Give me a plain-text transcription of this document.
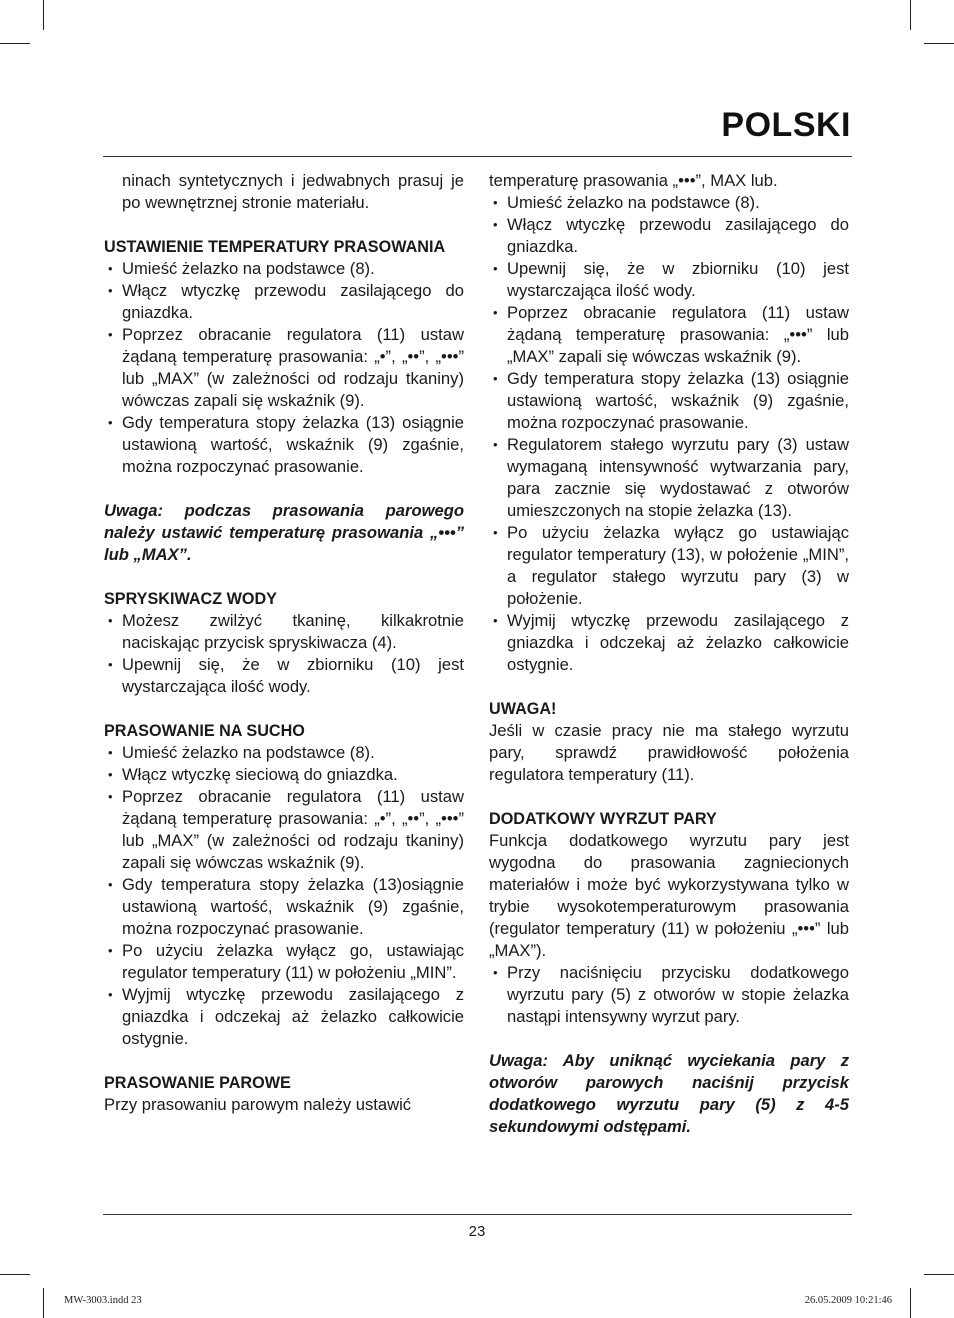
POLSKI

ninach syntetycznych i jedwabnych prasuj je po wewnętrznej stronie materiału.

USTAWIENIE TEMPERATURY PRASOWANIA
• Umieść żelazko na podstawce (8).
• Włącz wtyczkę przewodu zasilającego do gniazdka.
• Poprzez obracanie regulatora (11) ustaw żądaną temperaturę prasowania: „•”, „••”, „•••” lub „MAX” (w zależności od rodzaju tkaniny) wówczas zapali się wskaźnik (9).
• Gdy temperatura stopy żelazka (13) osiągnie ustawioną wartość, wskaźnik (9) zgaśnie, można rozpoczynać prasowanie.

Uwaga: podczas prasowania parowego należy ustawić temperaturę prasowania „•••” lub „MAX”.

SPRYSKIWACZ WODY
• Możesz zwilżyć tkaninę, kilkakrotnie naciskając przycisk spryskiwacza (4).
• Upewnij się, że w zbiorniku (10) jest wystarczająca ilość wody.
PRASOWANIE NA SUCHO
• Umieść żelazko na podstawce (8).
• Włącz wtyczkę sieciową do gniazdka.
• Poprzez obracanie regulatora (11) ustaw żądaną temperaturę prasowania: „•”, „••”, „•••” lub „MAX” (w zależności od rodzaju tkaniny) zapali się wówczas wskaźnik (9).
• Gdy temperatura stopy żelazka (13)osiągnie ustawioną wartość, wskaźnik (9) zgaśnie, można rozpoczynać prasowanie.
• Po użyciu żelazka wyłącz go, ustawiając regulator temperatury (11) w położeniu „MIN”.
• Wyjmij wtyczkę przewodu zasilającego z gniazdka i odczekaj aż żelazko całkowicie ostygnie.
PRASOWANIE PAROWE

Przy prasowaniu parowym należy ustawić

temperaturę prasowania „•••”, MAX lub.

• Umieść żelazko na podstawce (8).
• Włącz wtyczkę przewodu zasilającego do gniazdka.
• Upewnij się, że w zbiorniku (10) jest wystarczająca ilość wody.
• Poprzez obracanie regulatora (11) ustaw żądaną temperaturę prasowania: „•••” lub „MAX” zapali się wówczas wskaźnik (9).
• Gdy temperatura stopy żelazka (13) osiągnie ustawioną wartość, wskaźnik (9) zgaśnie, można rozpoczynać prasowanie.
• Regulatorem stałego wyrzutu pary (3) ustaw wymaganą intensywność wytwarzania pary, para zacznie się wydostawać z otworów umieszczonych na stopie żelazka (13).
• Po użyciu żelazka wyłącz go ustawiając regulator temperatury (13), w położenie „MIN”, a regulator stałego wyrzutu pary (3) w położenie.
• Wyjmij wtyczkę przewodu zasilającego z gniazdka i odczekaj aż żelazko całkowicie ostygnie.
UWAGA!

Jeśli w czasie pracy nie ma stałego wyrzutu pary, sprawdź prawidłowość położenia regulatora temperatury (11).

DODATKOWY WYRZUT PARY

Funkcja dodatkowego wyrzutu pary jest wygodna do prasowania zagniecionych materiałów i może być wykorzystywana tylko w trybie wysokotemperaturowym prasowania (regulator temperatury (11) w położeniu „•••” lub „MAX”).

• Przy naciśnięciu przycisku dodatkowego wyrzutu pary (5) z otworów w stopie żelazka nastąpi intensywny wyrzut pary.

Uwaga: Aby uniknąć wyciekania pary z otworów parowych naciśnij przycisk dodatkowego wyrzutu pary (5) z 4-5 sekundowymi odstępami.

23
MW-3003.indd 23	26.05.2009 10:21:46
